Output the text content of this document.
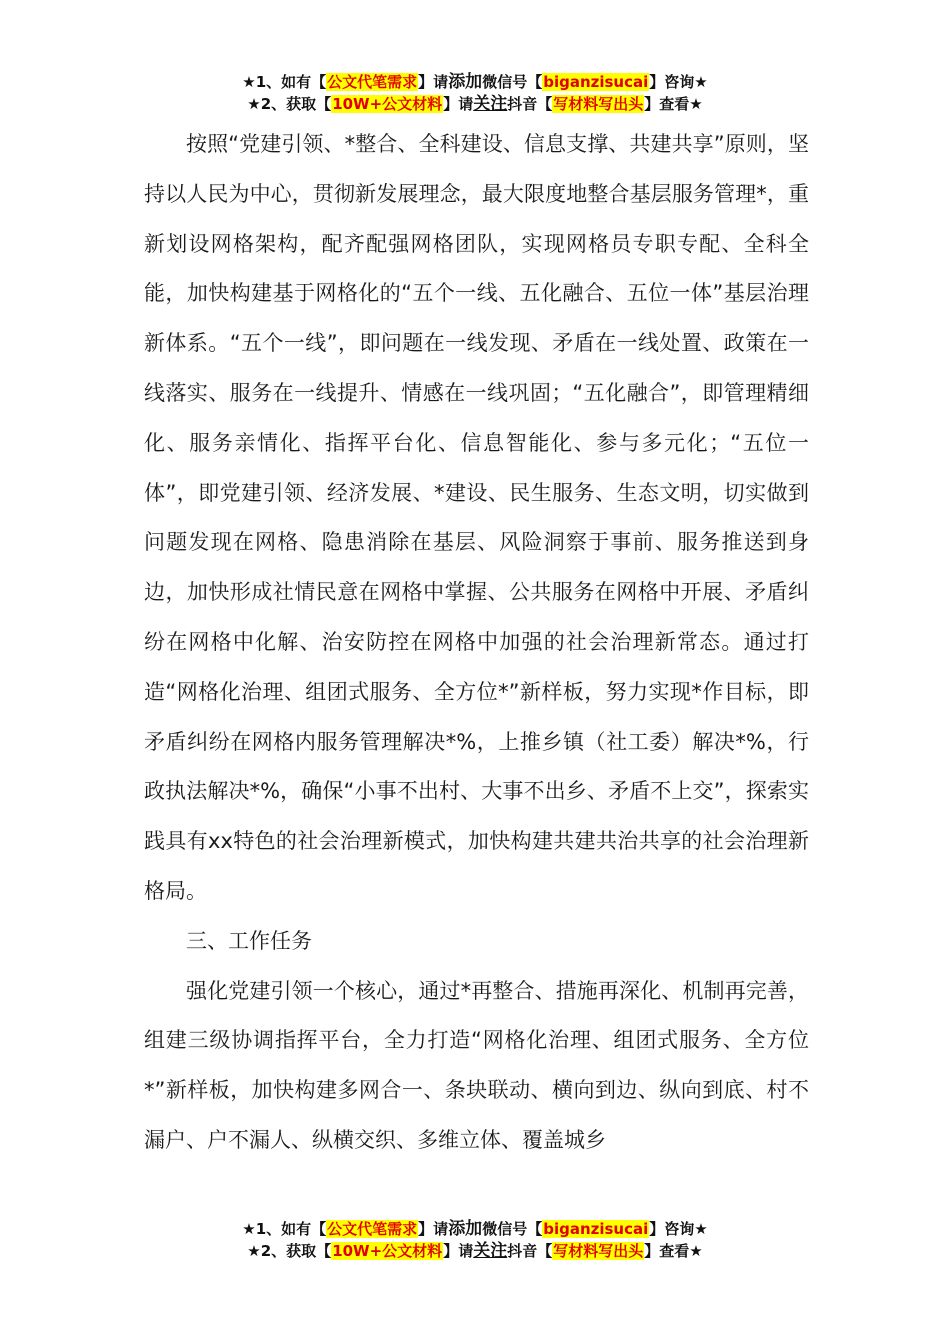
★1、如有【公文代笔需求】请添加微信号【biganzisucai】咨询★
★2、获取【10W+公文材料】请关注抖音【写材料写出头】查看★

按照“党建引领、*整合、全科建设、信息支撑、共建共享”原则，坚持以人民为中心，贯彻新发展理念，最大限度地整合基层服务管理*，重新划设网格架构，配齐配强网格团队，实现网格员专职专配、全科全能，加快构建基于网格化的“五个一线、五化融合、五位一体”基层治理新体系。“五个一线”，即问题在一线发现、矛盾在一线处置、政策在一线落实、服务在一线提升、情感在一线巩固；“五化融合”，即管理精细化、服务亲情化、指挥平台化、信息智能化、参与多元化；“五位一体”，即党建引领、经济发展、*建设、民生服务、生态文明，切实做到问题发现在网格、隐患消除在基层、风险洞察于事前、服务推送到身边，加快形成社情民意在网格中掌握、公共服务在网格中开展、矛盾纠纷在网格中化解、治安防控在网格中加强的社会治理新常态。通过打造“网格化治理、组团式服务、全方位*”新样板，努力实现*作目标，即矛盾纠纷在网格内服务管理解决*%，上推乡镇（社工委）解决*%，行政执法解决*%，确保“小事不出村、大事不出乡、矛盾不上交”，探索实践具有xx特色的社会治理新模式，加快构建共建共治共享的社会治理新格局。

三、工作任务

强化党建引领一个核心，通过*再整合、措施再深化、机制再完善，组建三级协调指挥平台，全力打造“网格化治理、组团式服务、全方位*”新样板，加快构建多网合一、条块联动、横向到边、纵向到底、村不漏户、户不漏人、纵横交织、多维立体、覆盖城乡

★1、如有【公文代笔需求】请添加微信号【biganzisucai】咨询★
★2、获取【10W+公文材料】请关注抖音【写材料写出头】查看★
